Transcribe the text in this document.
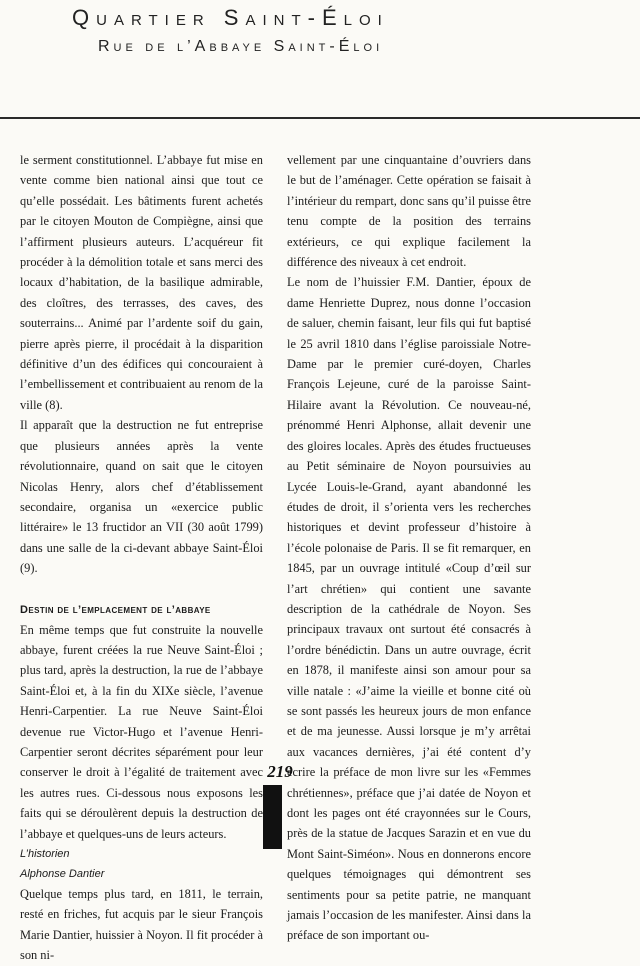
Quartier Saint-Éloi
Rue de l’Abbaye Saint-Éloi

le serment constitutionnel. L’abbaye fut mise en vente comme bien national ainsi que tout ce qu’elle possédait. Les bâtiments furent achetés par le citoyen Mouton de Compiègne, ainsi que l’affirment plusieurs auteurs. L’acquéreur fit procéder à la démolition totale et sans merci des locaux d’habitation, de la basilique admirable, des cloîtres, des terrasses, des caves, des souterrains... Animé par l’ardente soif du gain, pierre après pierre, il procédait à la disparition définitive d’un des édifices qui concouraient à l’embellissement et contribuaient au renom de la ville (8).

Il apparaît que la destruction ne fut entreprise que plusieurs années après la vente révolutionnaire, quand on sait que le citoyen Nicolas Henry, alors chef d’établissement secondaire, organisa un «exercice public littéraire» le 13 fructidor an VII (30 août 1799) dans une salle de la ci-devant abbaye Saint-Éloi (9).

Destin de l’emplacement de l’abbaye

En même temps que fut construite la nouvelle abbaye, furent créées la rue Neuve Saint-Éloi ; plus tard, après la destruction, la rue de l’abbaye Saint-Éloi et, à la fin du XIXe siècle, l’avenue Henri-Carpentier. La rue Neuve Saint-Éloi devenue rue Victor-Hugo et l’avenue Henri-Carpentier seront décrites séparément pour leur conserver le droit à l’égalité de traitement avec les autres rues. Ci-dessous nous exposons les faits qui se déroulèrent depuis la destruction de l’abbaye et quelques-uns de leurs acteurs.

L’historien

Alphonse Dantier

Quelque temps plus tard, en 1811, le terrain, resté en friches, fut acquis par le sieur François Marie Dantier, huissier à Noyon. Il fit procéder à son ni-

vellement par une cinquantaine d’ouvriers dans le but de l’aménager. Cette opération se faisait à l’intérieur du rempart, donc sans qu’il puisse être tenu compte de la position des terrains extérieurs, ce qui explique facilement la différence des niveaux à cet endroit.

Le nom de l’huissier F.M. Dantier, époux de dame Henriette Duprez, nous donne l’occasion de saluer, chemin faisant, leur fils qui fut baptisé le 25 avril 1810 dans l’église paroissiale Notre-Dame par le premier curé-doyen, Charles François Lejeune, curé de la paroisse Saint-Hilaire avant la Révolution. Ce nouveau-né, prénommé Henri Alphonse, allait devenir une des gloires locales. Après des études fructueuses au Petit séminaire de Noyon poursuivies au Lycée Louis-le-Grand, ayant abandonné les études de droit, il s’orienta vers les recherches historiques et devint professeur d’histoire à l’école polonaise de Paris. Il se fit remarquer, en 1845, par un ouvrage intitulé «Coup d’œil sur l’art chrétien» qui contient une savante description de la cathédrale de Noyon. Ses principaux travaux ont surtout été consacrés à l’ordre bénédictin. Dans un autre ouvrage, écrit en 1878, il manifeste ainsi son amour pour sa ville natale : «J’aime la vieille et bonne cité où se sont passés les heureux jours de mon enfance et de ma jeunesse. Aussi lorsque je m’y arrêtai aux vacances dernières, j’ai été content d’y écrire la préface de mon livre sur les «Femmes chrétiennes», préface que j’ai datée de Noyon et dont les pages ont été crayonnées sur le Cours, près de la statue de Jacques Sarazin et en vue du Mont Saint-Siméon». Nous en donnerons encore quelques témoignages qui démontrent ses sentiments pour sa petite patrie, ne manquant jamais l’occasion de les manifester. Ainsi dans la préface de son important ou-

219
